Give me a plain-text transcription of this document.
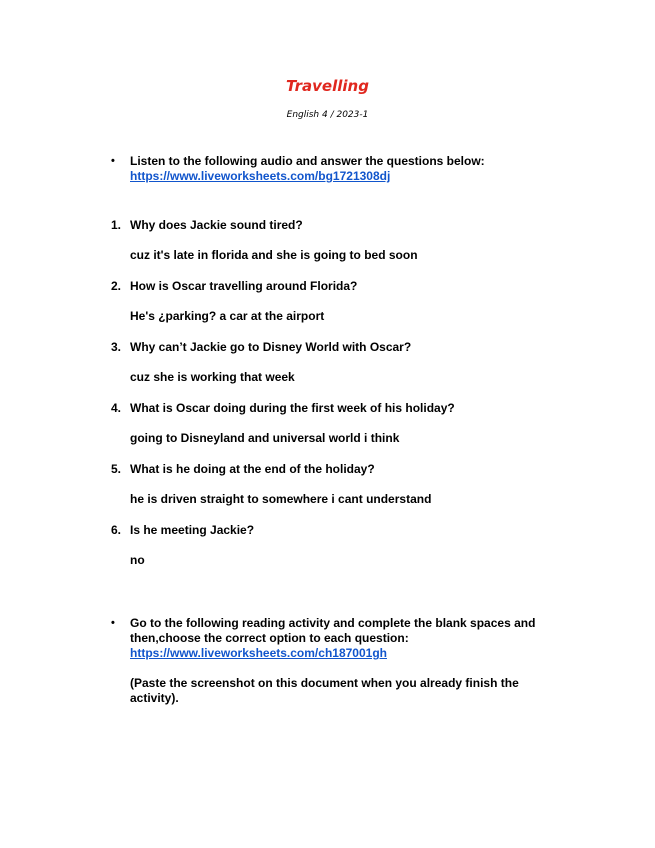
Travelling
English 4 / 2023-1
• Listen to the following audio and answer the questions below:
https://www.liveworksheets.com/bg1721308dj
1. Why does Jackie sound tired?
cuz it's late in florida and she is going to bed soon
2. How is Oscar travelling around Florida?
He's ¿parking? a car at the airport
3. Why can’t Jackie go to Disney World with Oscar?
cuz she is working that week
4. What is Oscar doing during the first week of his holiday?
going to Disneyland and universal world i think
5. What is he doing at the end of the holiday?
he is driven straight to somewhere i cant understand
6. Is he meeting Jackie?
no
• Go to the following reading activity and complete the blank spaces and then,choose the correct option to each question:
https://www.liveworksheets.com/ch187001gh
(Paste the screenshot on this document when you already finish the activity).
